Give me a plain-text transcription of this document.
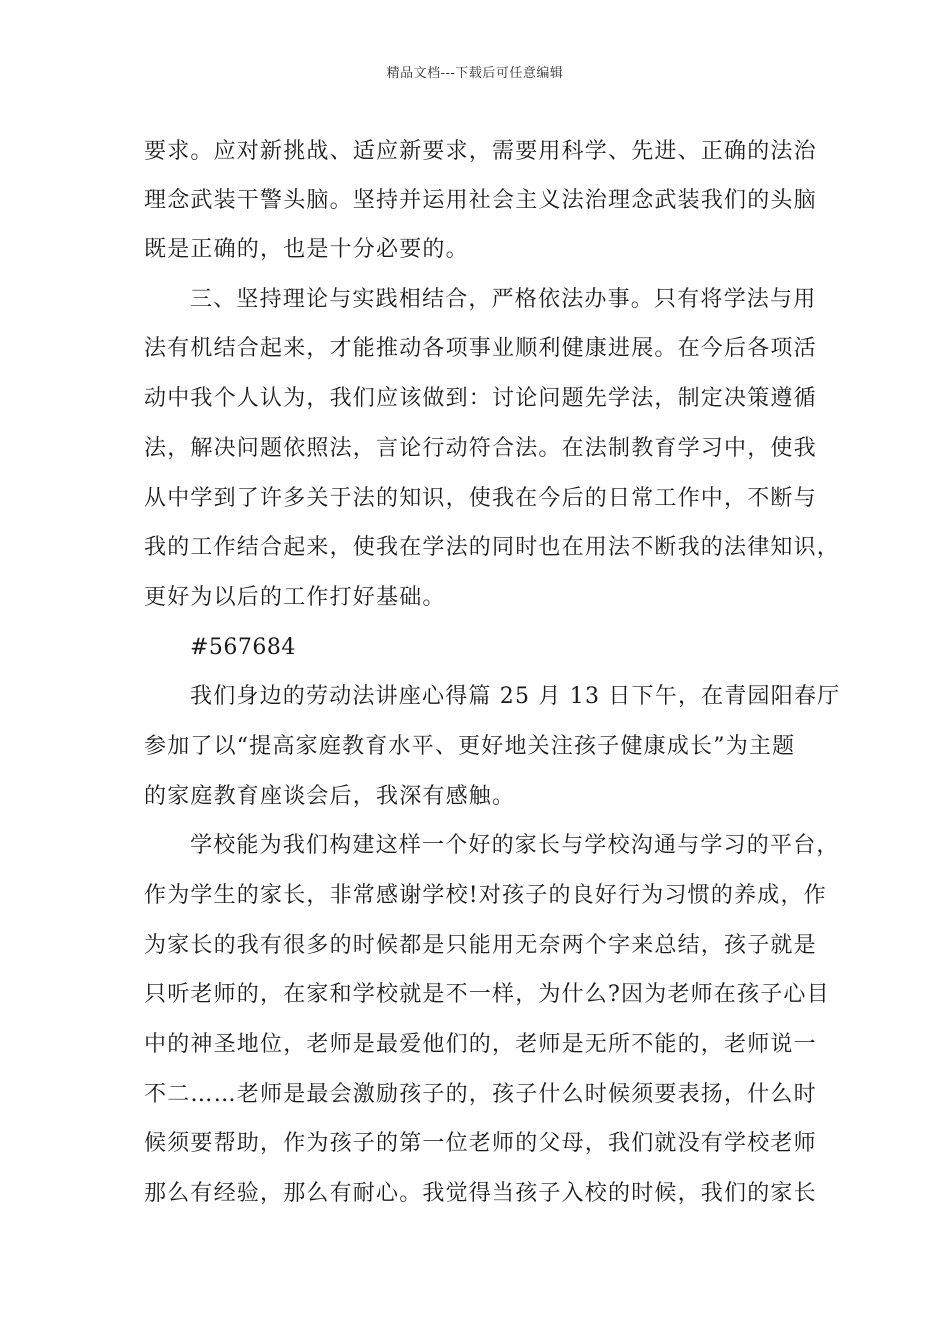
精品文档---下载后可任意编辑
要求。应对新挑战、适应新要求，需要用科学、先进、正确的法治
理念武装干警头脑。坚持并运用社会主义法治理念武装我们的头脑
既是正确的，也是十分必要的。
三、坚持理论与实践相结合，严格依法办事。只有将学法与用
法有机结合起来，才能推动各项事业顺利健康进展。在今后各项活
动中我个人认为，我们应该做到：讨论问题先学法，制定决策遵循
法，解决问题依照法，言论行动符合法。在法制教育学习中，使我
从中学到了许多关于法的知识，使我在今后的日常工作中，不断与
我的工作结合起来，使我在学法的同时也在用法不断我的法律知识，
更好为以后的工作打好基础。
#567684
我们身边的劳动法讲座心得篇 25 月 13 日下午，在青园阳春厅
参加了以“提高家庭教育水平、更好地关注孩子健康成长”为主题
的家庭教育座谈会后，我深有感触。
学校能为我们构建这样一个好的家长与学校沟通与学习的平台，
作为学生的家长，非常感谢学校!对孩子的良好行为习惯的养成，作
为家长的我有很多的时候都是只能用无奈两个字来总结，孩子就是
只听老师的，在家和学校就是不一样，为什么?因为老师在孩子心目
中的神圣地位，老师是最爱他们的，老师是无所不能的，老师说一
不二……老师是最会激励孩子的，孩子什么时候须要表扬，什么时
候须要帮助，作为孩子的第一位老师的父母，我们就没有学校老师
那么有经验，那么有耐心。我觉得当孩子入校的时候，我们的家长
